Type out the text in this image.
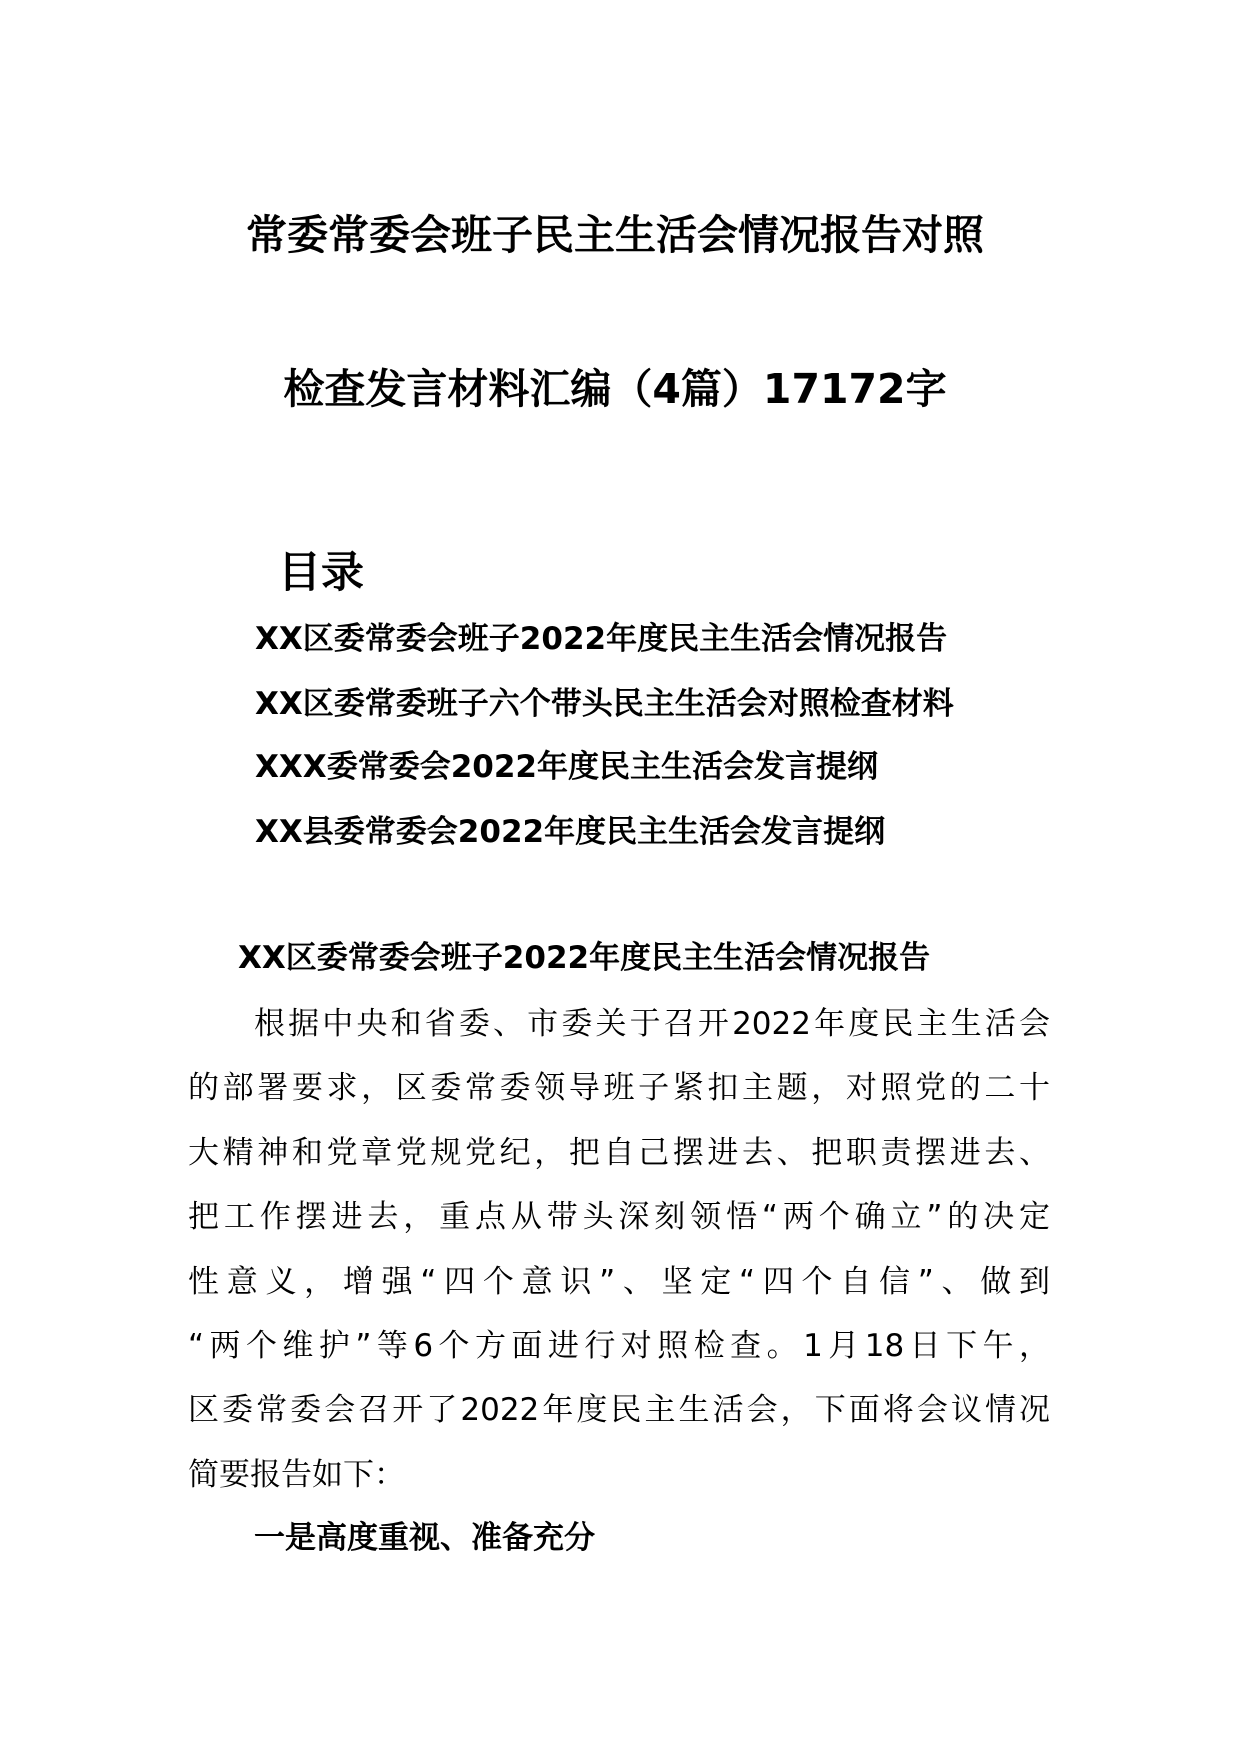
常委常委会班子民主生活会情况报告对照
检查发言材料汇编（4篇）17172字
目录
XX区委常委会班子2022年度民主生活会情况报告
XX区委常委班子六个带头民主生活会对照检查材料
XXX委常委会2022年度民主生活会发言提纲
XX县委常委会2022年度民主生活会发言提纲
XX区委常委会班子2022年度民主生活会情况报告
根据中央和省委、市委关于召开2022年度民主生活会
的部署要求，区委常委领导班子紧扣主题，对照党的二十
大精神和党章党规党纪，把自己摆进去、把职责摆进去、
把工作摆进去，重点从带头深刻领悟“两个确立”的决定
性意义，增强“四个意识”、坚定“四个自信”、做到
“两个维护”等6个方面进行对照检查。1月18日下午，
区委常委会召开了2022年度民主生活会，下面将会议情况
简要报告如下：
一是高度重视、准备充分
